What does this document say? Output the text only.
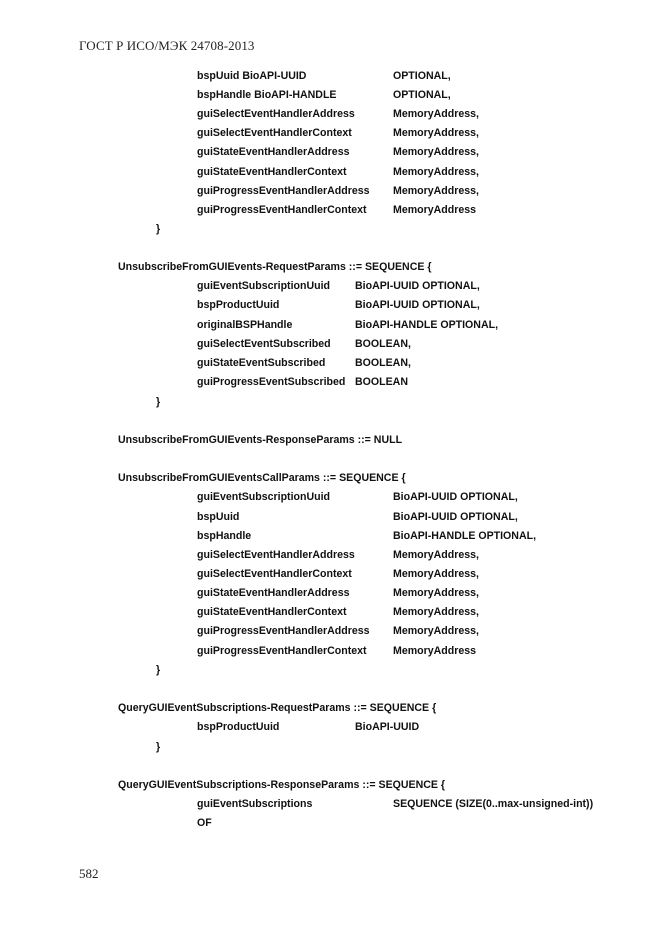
ГОСТ Р ИСО/МЭК 24708-2013
bspUuid BioAPI-UUID	OPTIONAL,
bspHandle BioAPI-HANDLE	OPTIONAL,
guiSelectEventHandlerAddress	MemoryAddress,
guiSelectEventHandlerContext	MemoryAddress,
guiStateEventHandlerAddress	MemoryAddress,
guiStateEventHandlerContext	MemoryAddress,
guiProgressEventHandlerAddress MemoryAddress,
guiProgressEventHandlerContext MemoryAddress
}
UnsubscribeFromGUIEvents-RequestParams ::= SEQUENCE {
guiEventSubscriptionUuid BioAPI-UUID OPTIONAL,
bspProductUuid	BioAPI-UUID OPTIONAL,
originalBSPHandle	BioAPI-HANDLE OPTIONAL,
guiSelectEventSubscribed BOOLEAN,
guiStateEventSubscribed	BOOLEAN,
guiProgressEventSubscribed BOOLEAN
}
UnsubscribeFromGUIEvents-ResponseParams ::= NULL
UnsubscribeFromGUIEventsCallParams ::= SEQUENCE {
guiEventSubscriptionUuid	BioAPI-UUID OPTIONAL,
bspUuid	BioAPI-UUID OPTIONAL,
bspHandle	BioAPI-HANDLE OPTIONAL,
guiSelectEventHandlerAddress	MemoryAddress,
guiSelectEventHandlerContext	MemoryAddress,
guiStateEventHandlerAddress	MemoryAddress,
guiStateEventHandlerContext	MemoryAddress,
guiProgressEventHandlerAddress MemoryAddress,
guiProgressEventHandlerContext MemoryAddress
}
QueryGUIEventSubscriptions-RequestParams ::= SEQUENCE {
bspProductUuid	BioAPI-UUID
}
QueryGUIEventSubscriptions-ResponseParams ::= SEQUENCE {
guiEventSubscriptions	SEQUENCE (SIZE(0..max-unsigned-int))
OF
582
